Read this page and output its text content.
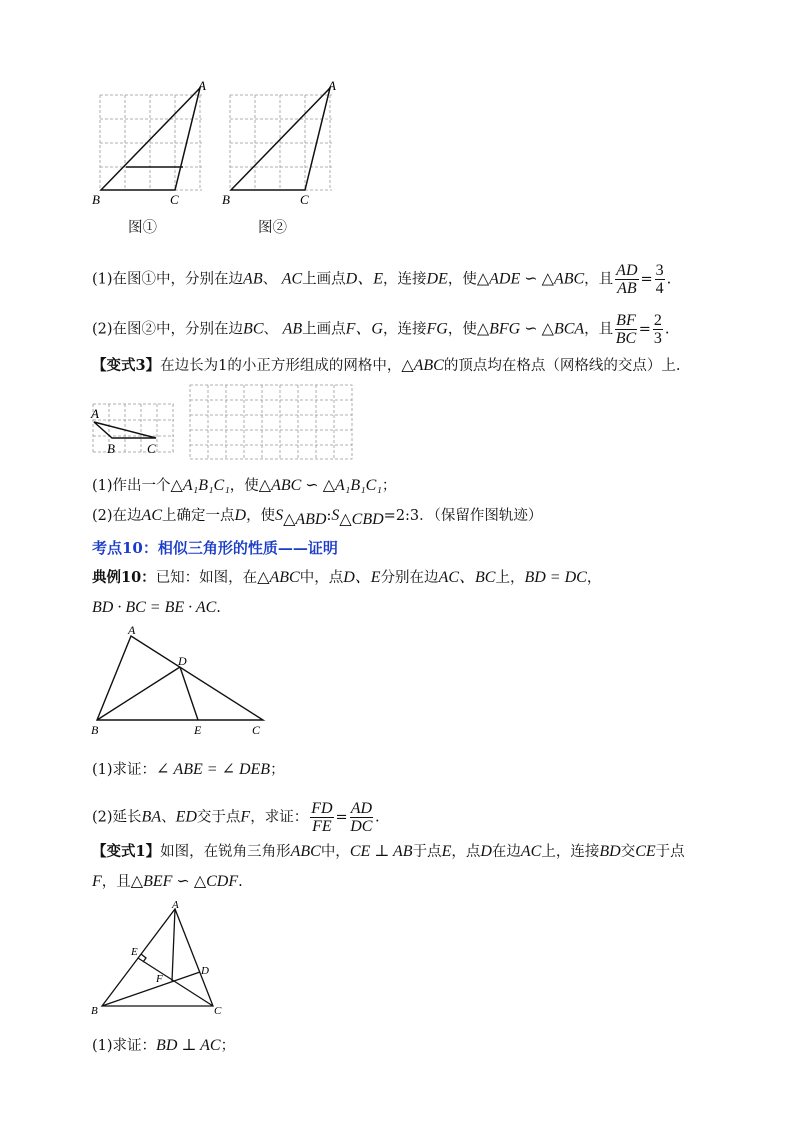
A
B	C
图①
A
B	C
图②
(1)在图①中，分别在边AB、 AC上画点D、E，连接DE，使△ADE ∽ △ABC，且 $\frac{AD}{AB} = \frac{3}{4}$ .
(2)在图②中，分别在边BC、 AB上画点F、G，连接FG，使△BFG ∽ △BCA，且 $\frac{BF}{BC} = \frac{2}{3}$ .
【变式3】在边长为1的小正方形组成的网格中，△ABC的顶点均在格点（网格线的交点）上.
A
B C
(1)作出一个△A₁B₁C₁，使△ABC ∽ △A₁B₁C₁；
(2)在边AC上确定一点D，使$S_{\triangle ABD}:S_{\triangle CBD}=2:3$．（保留作图轨迹）
考点10：相似三角形的性质——证明
典例10：已知：如图，在△ABC中，点D、E分别在边AC、BC上，BD = DC，
BD · BC = BE · AC.
A
D
B	E	C
(1)求证：∠ ABE = ∠ DEB；
(2)延长BA、ED交于点F，求证： $\frac{FD}{FE} = \frac{AD}{DC}$ .
【变式1】如图，在锐角三角形ABC中，CE ⊥ AB于点E，点D在边AC上，连接BD交CE于点
F，且△BEF ∽ △CDF.
A
E
D
F
B	C
(1)求证：BD ⊥ AC；
